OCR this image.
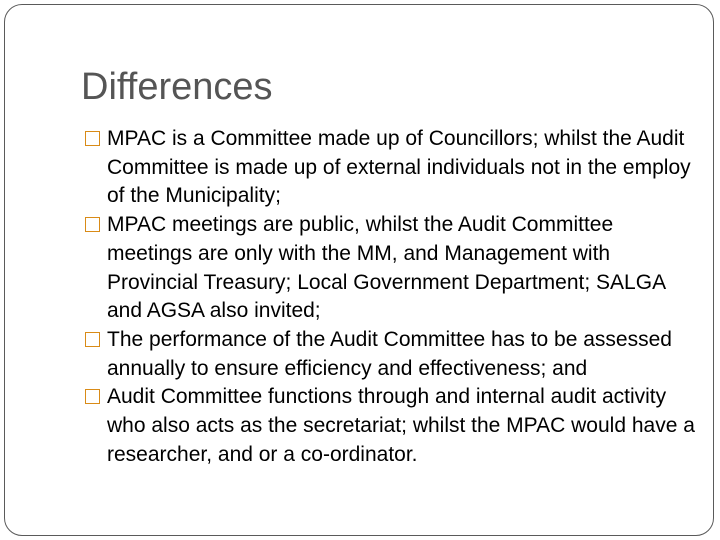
Differences
MPAC is a Committee made up of Councillors; whilst the Audit Committee is made up of external individuals not in the employ of the Municipality;
MPAC meetings are public, whilst the Audit Committee meetings are only with the MM, and Management with Provincial Treasury; Local Government Department; SALGA and AGSA also invited;
The performance of the Audit Committee has to be assessed annually to ensure efficiency and effectiveness; and
Audit Committee functions through and internal audit activity who also acts as the secretariat; whilst the MPAC would have a researcher, and or a co-ordinator.
